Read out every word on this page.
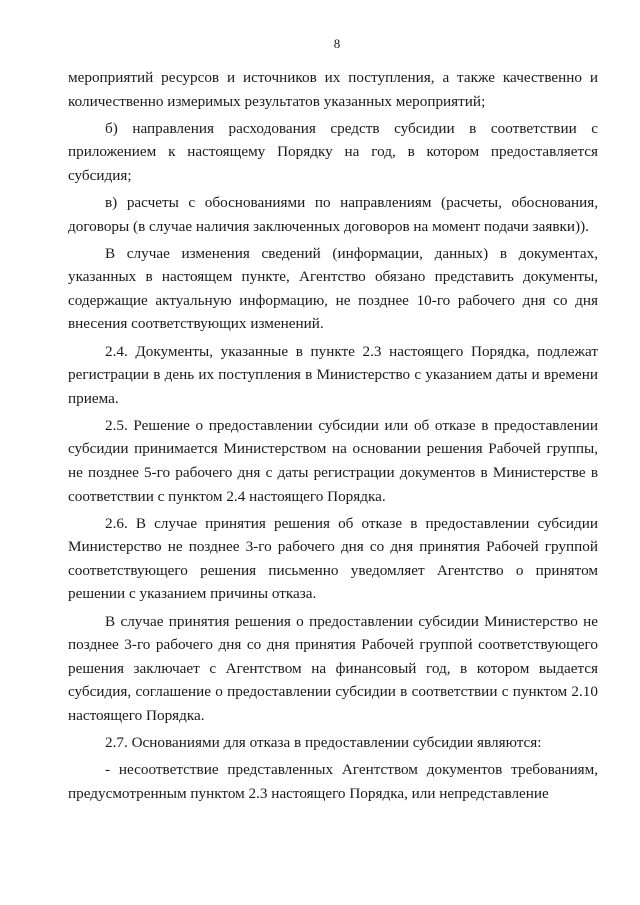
8

мероприятий ресурсов и источников их поступления, а также качественно и количественно измеримых результатов указанных мероприятий;

б) направления расходования средств субсидии в соответствии с приложением к настоящему Порядку на год, в котором предоставляется субсидия;

в) расчеты с обоснованиями по направлениям (расчеты, обоснования, договоры (в случае наличия заключенных договоров на момент подачи заявки)).

В случае изменения сведений (информации, данных) в документах, указанных в настоящем пункте, Агентство обязано представить документы, содержащие актуальную информацию, не позднее 10-го рабочего дня со дня внесения соответствующих изменений.

2.4. Документы, указанные в пункте 2.3 настоящего Порядка, подлежат регистрации в день их поступления в Министерство с указанием даты и времени приема.

2.5. Решение о предоставлении субсидии или об отказе в предоставлении субсидии принимается Министерством на основании решения Рабочей группы, не позднее 5-го рабочего дня с даты регистрации документов в Министерстве в соответствии с пунктом 2.4 настоящего Порядка.

2.6. В случае принятия решения об отказе в предоставлении субсидии Министерство не позднее 3-го рабочего дня со дня принятия Рабочей группой соответствующего решения письменно уведомляет Агентство о принятом решении с указанием причины отказа.

В случае принятия решения о предоставлении субсидии Министерство не позднее 3-го рабочего дня со дня принятия Рабочей группой соответствующего решения заключает с Агентством на финансовый год, в котором выдается субсидия, соглашение о предоставлении субсидии в соответствии с пунктом 2.10 настоящего Порядка.

2.7. Основаниями для отказа в предоставлении субсидии являются:

- несоответствие представленных Агентством документов требованиям, предусмотренным пунктом 2.3 настоящего Порядка, или непредставление
